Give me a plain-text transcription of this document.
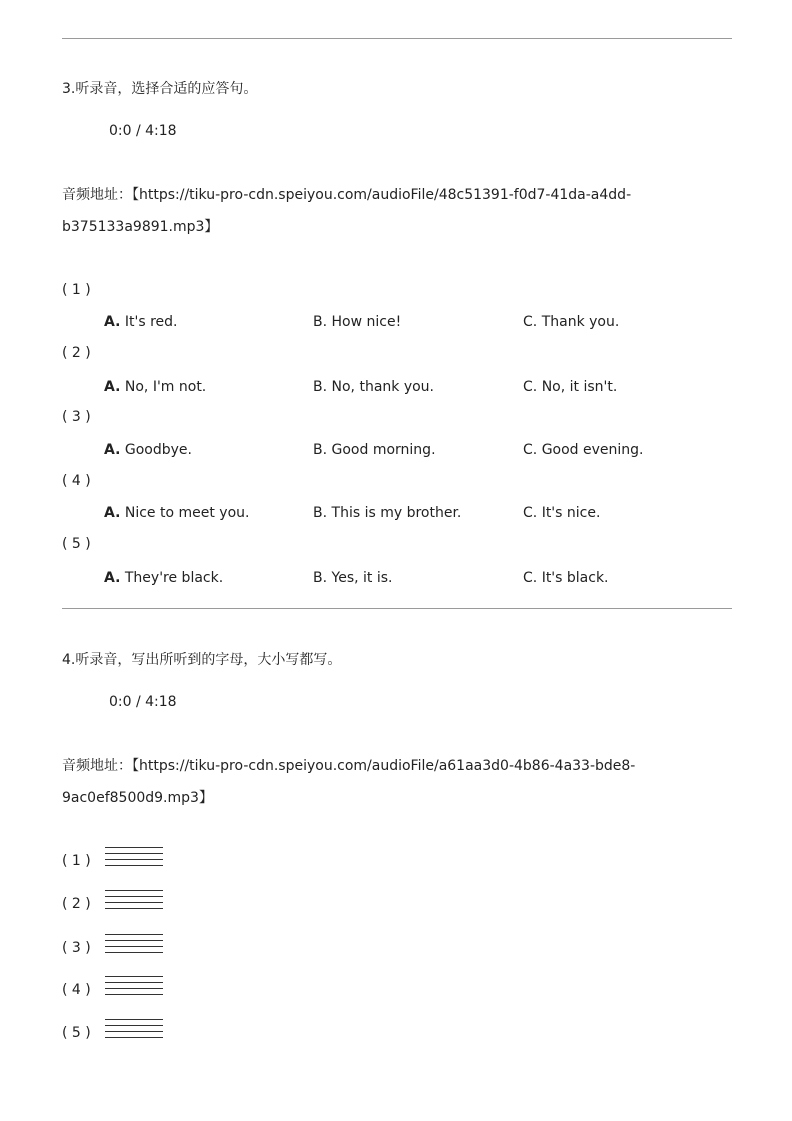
3.听录音，选择合适的应答句。
0:0 / 4:18
音频地址：【https://tiku-pro-cdn.speiyou.com/audioFile/48c51391-f0d7-41da-a4dd-
b375133a9891.mp3】
( 1 )
A. It's red.	B. How nice!	C. Thank you.
( 2 )
A. No, I'm not.	B. No, thank you.	C. No, it isn't.
( 3 )
A. Goodbye.	B. Good morning.	C. Good evening.
( 4 )
A. Nice to meet you.	B. This is my brother.	C. It's nice.
( 5 )
A. They're black.	B. Yes, it is.	C. It's black.
4.听录音，写出所听到的字母，大小写都写。
0:0 / 4:18
音频地址：【https://tiku-pro-cdn.speiyou.com/audioFile/a61aa3d0-4b86-4a33-bde8-
9ac0ef8500d9.mp3】
( 1 )
( 2 )
( 3 )
( 4 )
( 5 )
